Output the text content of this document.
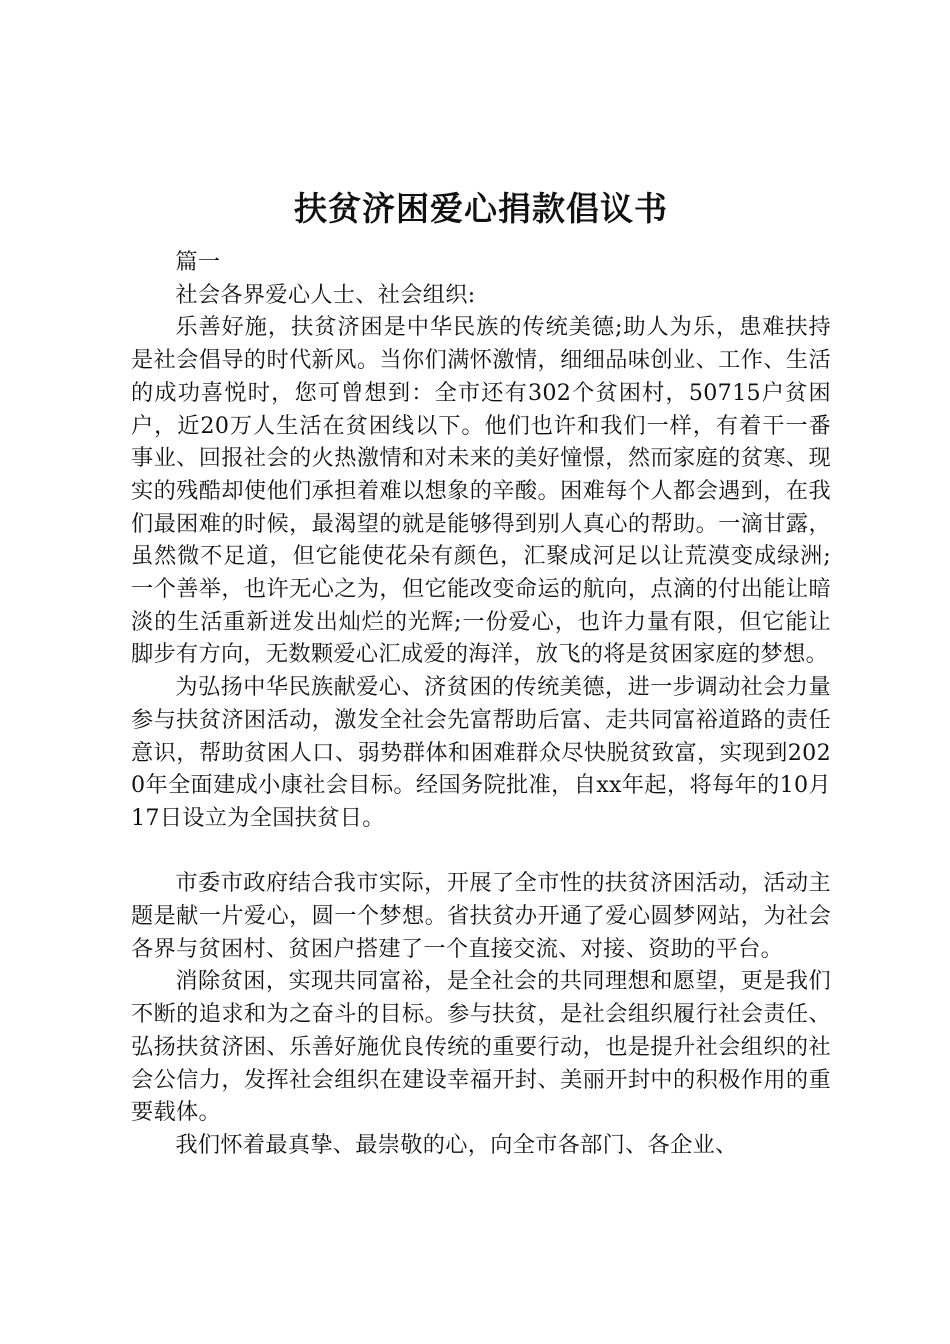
扶贫济困爱心捐款倡议书

篇一

社会各界爱心人士、社会组织:

乐善好施，扶贫济困是中华民族的传统美德;助人为乐，患难扶持是社会倡导的时代新风。当你们满怀激情，细细品味创业、工作、生活的成功喜悦时，您可曾想到：全市还有302个贫困村，50715户贫困户，近20万人生活在贫困线以下。他们也许和我们一样，有着干一番事业、回报社会的火热激情和对未来的美好憧憬，然而家庭的贫寒、现实的残酷却使他们承担着难以想象的辛酸。困难每个人都会遇到，在我们最困难的时候，最渴望的就是能够得到别人真心的帮助。一滴甘露，虽然微不足道，但它能使花朵有颜色，汇聚成河足以让荒漠变成绿洲;一个善举，也许无心之为，但它能改变命运的航向，点滴的付出能让暗淡的生活重新迸发出灿烂的光辉;一份爱心，也许力量有限，但它能让脚步有方向，无数颗爱心汇成爱的海洋，放飞的将是贫困家庭的梦想。

为弘扬中华民族献爱心、济贫困的传统美德，进一步调动社会力量参与扶贫济困活动，激发全社会先富帮助后富、走共同富裕道路的责任意识，帮助贫困人口、弱势群体和困难群众尽快脱贫致富，实现到2020年全面建成小康社会目标。经国务院批准，自xx年起，将每年的10月17日设立为全国扶贫日。

市委市政府结合我市实际，开展了全市性的扶贫济困活动，活动主题是献一片爱心，圆一个梦想。省扶贫办开通了爱心圆梦网站，为社会各界与贫困村、贫困户搭建了一个直接交流、对接、资助的平台。

消除贫困，实现共同富裕，是全社会的共同理想和愿望，更是我们不断的追求和为之奋斗的目标。参与扶贫，是社会组织履行社会责任、弘扬扶贫济困、乐善好施优良传统的重要行动，也是提升社会组织的社会公信力，发挥社会组织在建设幸福开封、美丽开封中的积极作用的重要载体。

我们怀着最真挚、最崇敬的心，向全市各部门、各企业、
